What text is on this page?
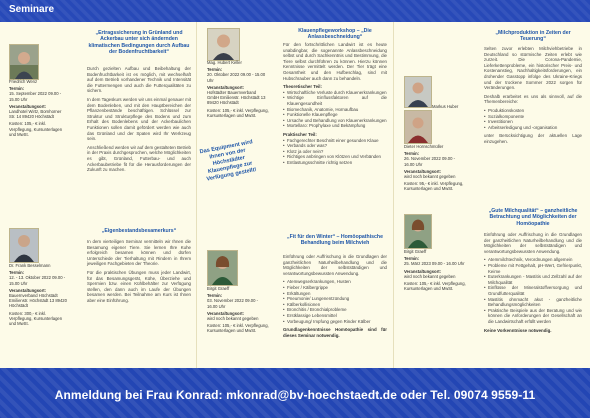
Seminare

Friedrich Wenz

Termin:
15. September 2022 09.00 - 15.00 Uhr

Veranstaltungsort:
Landhotel Wirtz, Bornhorner Str. 14 89420 Höchstädt

Kosten: 105,- € inkl. Verpflegung, Kursunterlagen und MwSt.

Dr. Frank Besselmann

Termin:
12. - 13. Oktober 2022 09.00 - 15.00 Uhr

Veranstaltungsort:
Bauernverband Höchstädt Emilienstr. Höchstädt 13 89420 Höchstädt

Kosten: 300,- € inkl. Verpflegung, Kursunterlagen und MwSt.

„Ertragssicherung in Grünland und Ackerbau unter sich ändernden klimatischen Bedingungen durch Aufbau der Bodenfruchtbarkeit“

Durch gezielten Aufbau und Beibehaltung der Bodenfruchtbarkeit ist es möglich, mit wechselhaft auf dem Betrieb vorhandener Technik und Intensität die Futtermengen und auch die Futterqualitäten zu sichern.

In dem Tageskurs werden wir uns einmal genauer mit dem Bodenleben, und mit den Hauptbereichen der Pflanzenbestände beschäftigen. Schlüssel zur Struktur und Strukturpflege des Bodens und zum Erhalt des Bodenlebens und der Ackerbaulichen Funktionen sollen damit gefördert werden wie auch das Grünland und der Spaten wird Ihr Werkzeug sein.

Anschließend werden wir auf dem gestalteten Betrieb in der Praxis durchgesprochen, welche Möglichkeiten es gibt, Grünland, Futterbau- und auch Ackerbaubetriebe fit für die Herausforderungen der Zukunft zu machen.

„Eigenbestandsbesamerkurs“

In dem vierteiligen Seminar vermitteln wir Ihnen die Besamung eigener Tiere. Sie lernen Ihre Kuhe erfolgreich besamen können und dürfen Unterschiede der Tierhaltung mit Rindern in Ihrem jeweiligen Fachgebieten der Theorie.

Für die praktischen Übungen muss jeder Landwirt, für das Besamungsgerät, Kühe, Überziehe und Spermien bzw. einen Kühlbehälter zur Verfügung stellen, den dann auch im Laufe der Übungen besamen werden. Bei Teilnahme am Kurs ist Ihnen aber eine Einführung.

Mag. Hubert Keller

Termin:
20. Oktober 2022 09.00 - 15.00 Uhr

Veranstaltungsort:
Hofstädter Bauernverband GmbH Emilienstr. Höchstädt 13 89420 Höchstädt

Kosten: 105,- € inkl. Verpflegung, Kursunterlagen und MwSt.

Das Equipment wird Ihnen von der Höchstädter Klauenpflege zur Verfügung gestellt!

Birgit Graeff

Termin:
03. November 2022 09.00 - 16.00 Uhr

Veranstaltungsort:
wird noch bekannt gegeben

Kosten: 105,- € inkl. Verpflegung, Kursunterlagen und MwSt.

Klauenpflegeworkshop – „Die Anlassbeschneidung“

Für den fortschrittlichen Landwirt ist es heute unabdingbar, die sogenannte Anlassbeschneidung selbst und durch Sachkenntnis und Bestimmung, die Tiere selbst durchführen zu können. Hierzu können Kenntnisse vermittelt werden. Der Tier trägt eine Gesamtheit und den Hufbeschlag, sind mit Hubschrauber auch dann zu behandeln.

Theoretischer Teil:
• Wirtschaftliche Verluste durch Klauenerkrankungen
• Wichtige Einflussfaktoren auf die Klauengesundheit
• Biomechanik, Anatomie, Hornaufbau
• Funktionelle Klauenpflege
• Ursache und Behandlung von Klauenerkrankungen
• Mortellaro: Prophylaxe und Bekämpfung
Praktischer Teil:
• Fachgerechter Beschnitt einer gesunden Klaue
• Verbands oder was?
• Klotz ja oder nein?
• Richtiges anbringen von Klötzen und Verbänden
• Entlastungsschnitte richtig setzen
„Fit für den Winter“ – Homöopathische Behandlung beim Milchvieh

Einführung oder Auffrischung in die Grundlagen der ganzheitlichen Naturheilbehandlung und die Möglichkeiten der selbstständigen und verantwortungsbewussten Anwendung.

• Atemwegserkrankungen, Husten
• Fieber / Kälbergrippe
• Erkältungen
• Pneumonie/ Lungenentzündung
• Kälberkollisionen
• Bronchitis / Bronchialprobleme
• Erstklassige Lebensmittel
• Vorbeugung/ Impfung gegen Rinder Kälber
Grundlagenkenntnisse Homöopathie sind für dieses Seminar notwendig.
Markus Huber

Dieter Hornschmüller

Termin:
26. November 2022 09.00 - 16.00 Uhr

Veranstaltungsort:
wird noch bekannt gegeben

Kosten: 95,- € inkl. Verpflegung, Kursunterlagen und MwSt.

Birgit Graeff

Termin:
25. März 2023 09.00 - 16.00 Uhr

Veranstaltungsort:
wird noch bekannt gegeben

Kosten: 105,- € inkl. Verpflegung, Kursunterlagen und MwSt.

„Milchproduktion in Zeiten der Teuerung“

Selten zuvor erlebten Milchviehbetriebe in Deutschland so stürmische Zeiten erlebt wie zurzeit. Die Corona-Pandemie, Lieferkettenprobleme, ein historischer Preis- und Kostenanstieg, Nachhaltigkeitsforderungen, ein drohender Gasstopp infolge des Ukraine-Kriegs und der trockene Sommer 2022 sorgen für Veränderungen.

Deshalb erarbeitet es uns als sinnvoll, auf die Themenbereiche:

• Produktionskosten
• Sozialkomponente
• Investitionen
• Arbeitserledigung und -organisation

unter Berücksichtigung der aktuellen Lage einzugehen.

„Gute Milchqualität“ – ganzheitliche Betrachtung und Möglichkeiten der Homöopathie

Einführung oder Auffrischung in die Grundlagen der ganzheitlichen Naturheilbehandlung und die Möglichkeiten der selbstständigen und verantwortungsbewussten Anwendung.

• Atemmilchtechnik, Verordnungen allgemein
• Probleme mit Fettgehalt, pH-Wert, Gefrierpunkt, Keime
• Euterkrankungen - Mastitis und Zellzahl auf der Milchqualität
• Einflüsse der Mineralstoffversorgung und Grundfutterqualität
• Mastitis ohnmacht akut - ganzheitliche Behandlungsmöglichkeiten
• Praktische Beispiele aus der Beratung und wie können die Anforderungen der Gesellschaft an die Landwirtschaft erfüllt werden
Keine Vorkenntnisse notwendig.
Anmeldung bei Frau Konrad: mkonrad@bv-hoechstaedt.de oder Tel. 09074 9559-11
